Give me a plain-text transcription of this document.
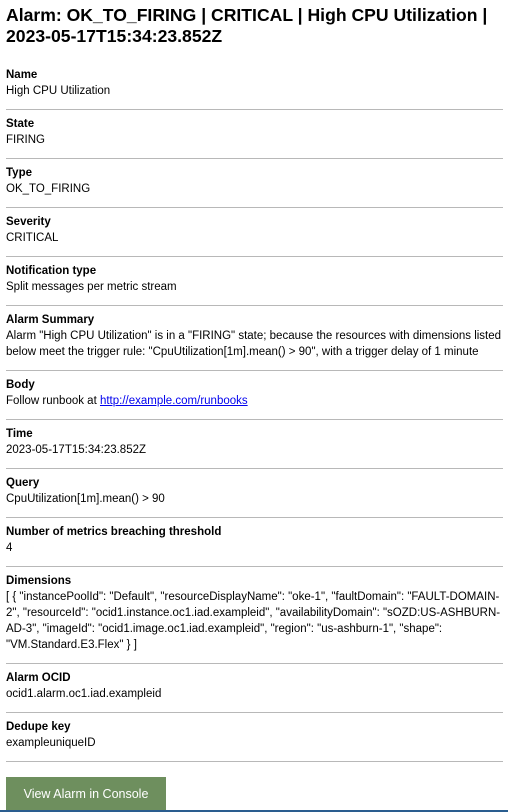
Alarm: OK_TO_FIRING | CRITICAL | High CPU Utilization | 2023-05-17T15:34:23.852Z
Name
High CPU Utilization
State
FIRING
Type
OK_TO_FIRING
Severity
CRITICAL
Notification type
Split messages per metric stream
Alarm Summary
Alarm "High CPU Utilization" is in a "FIRING" state; because the resources with dimensions listed below meet the trigger rule: "CpuUtilization[1m].mean() > 90", with a trigger delay of 1 minute
Body
Follow runbook at http://example.com/runbooks
Time
2023-05-17T15:34:23.852Z
Query
CpuUtilization[1m].mean() > 90
Number of metrics breaching threshold
4
Dimensions
[ { "instancePoolId": "Default", "resourceDisplayName": "oke-1", "faultDomain": "FAULT-DOMAIN-2", "resourceId": "ocid1.instance.oc1.iad.exampleid", "availabilityDomain": "sOZD:US-ASHBURN-AD-3", "imageId": "ocid1.image.oc1.iad.exampleid", "region": "us-ashburn-1", "shape": "VM.Standard.E3.Flex" } ]
Alarm OCID
ocid1.alarm.oc1.iad.exampleid
Dedupe key
exampleuniqueID
View Alarm in Console
